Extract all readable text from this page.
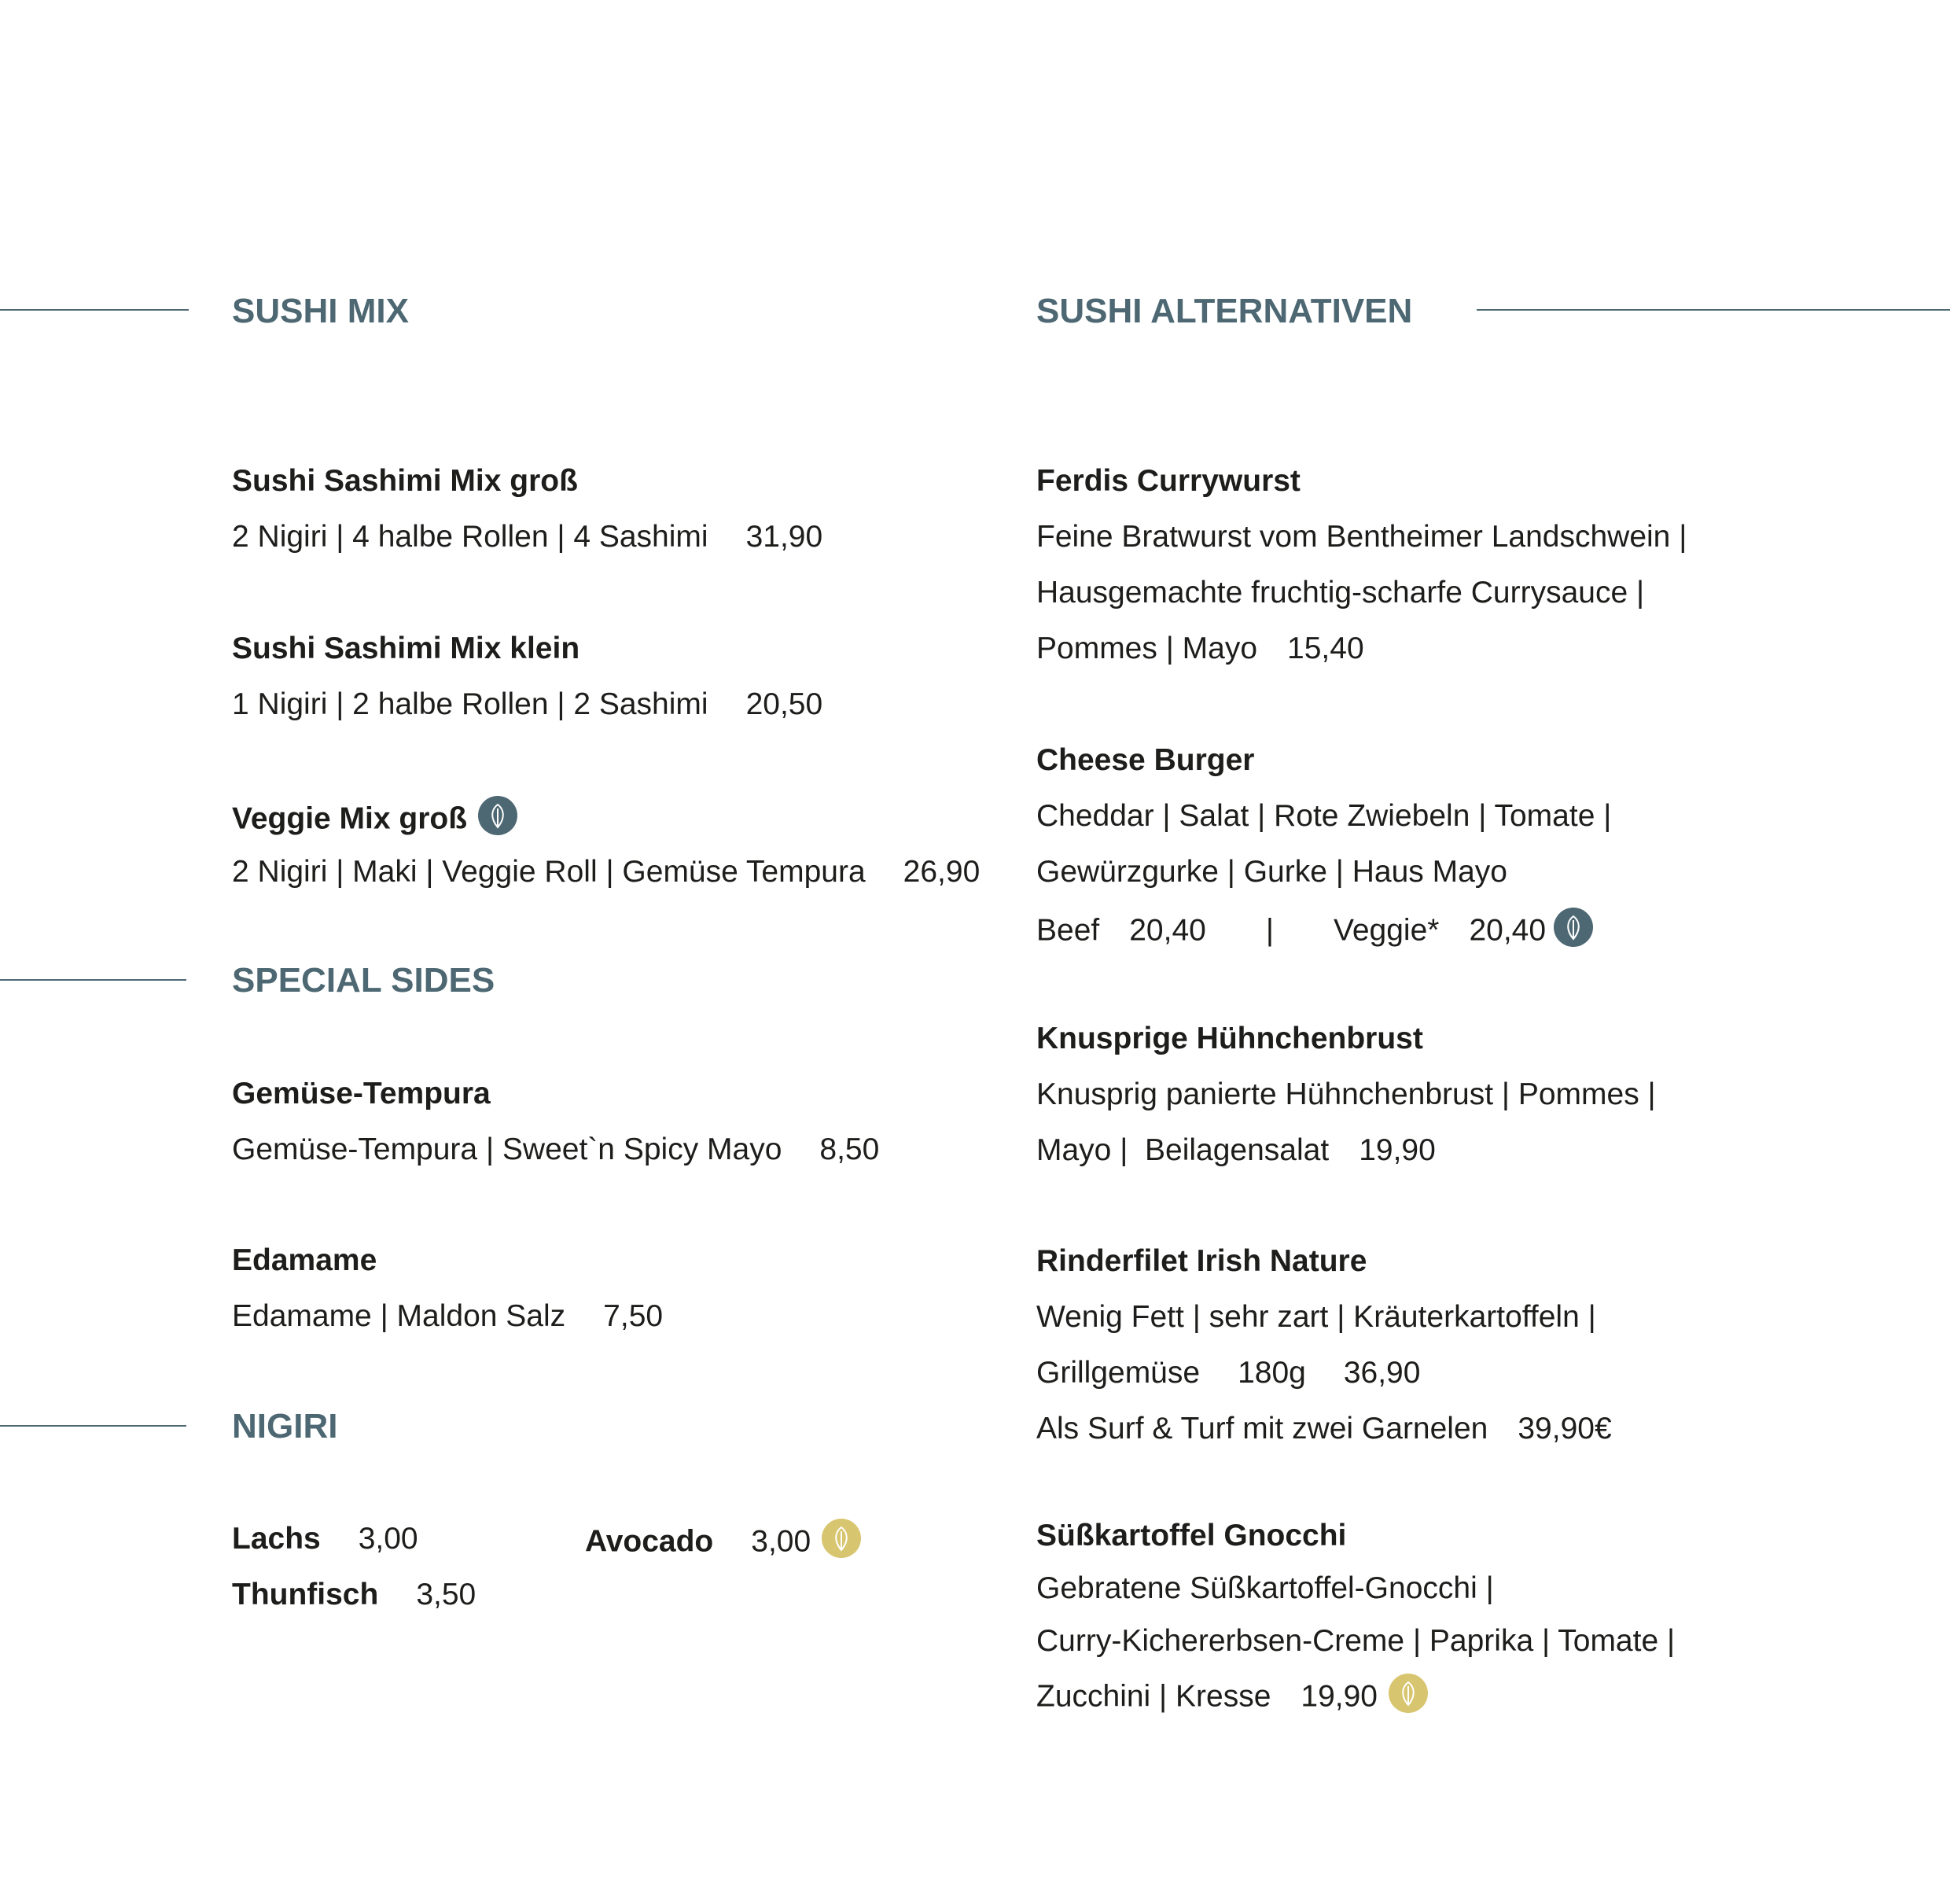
SUSHI MIX
Sushi Sashimi Mix groß
2 Nigiri | 4 halbe Rollen | 4 Sashimi 31,90
Sushi Sashimi Mix klein
1 Nigiri | 2 halbe Rollen | 2 Sashimi 20,50
Veggie Mix groß
2 Nigiri | Maki | Veggie Roll | Gemüse Tempura 26,90
SPECIAL SIDES
Gemüse-Tempura
Gemüse-Tempura | Sweet`n Spicy Mayo 8,50
Edamame
Edamame | Maldon Salz 7,50
NIGIRI
Lachs 3,00	Avocado 3,00
Thunfisch 3,50
SUSHI ALTERNATIVEN
Ferdis Currywurst
Feine Bratwurst vom Bentheimer Landschwein |
Hausgemachte fruchtig-scharfe Currysauce |
Pommes | Mayo 15,40
Cheese Burger
Cheddar | Salat | Rote Zwiebeln | Tomate |
Gewürzgurke | Gurke | Haus Mayo
Beef 20,40 | Veggie* 20,40
Knusprige Hühnchenbrust
Knusprig panierte Hühnchenbrust | Pommes |
Mayo |  Beilagensalat 19,90
Rinderfilet Irish Nature
Wenig Fett | sehr zart | Kräuterkartoffeln |
Grillgemüse 180g 36,90
Als Surf & Turf mit zwei Garnelen 39,90€
Süßkartoffel Gnocchi
Gebratene Süßkartoffel-Gnocchi |
Curry-Kichererbsen-Creme | Paprika | Tomate |
Zucchini | Kresse 19,90
